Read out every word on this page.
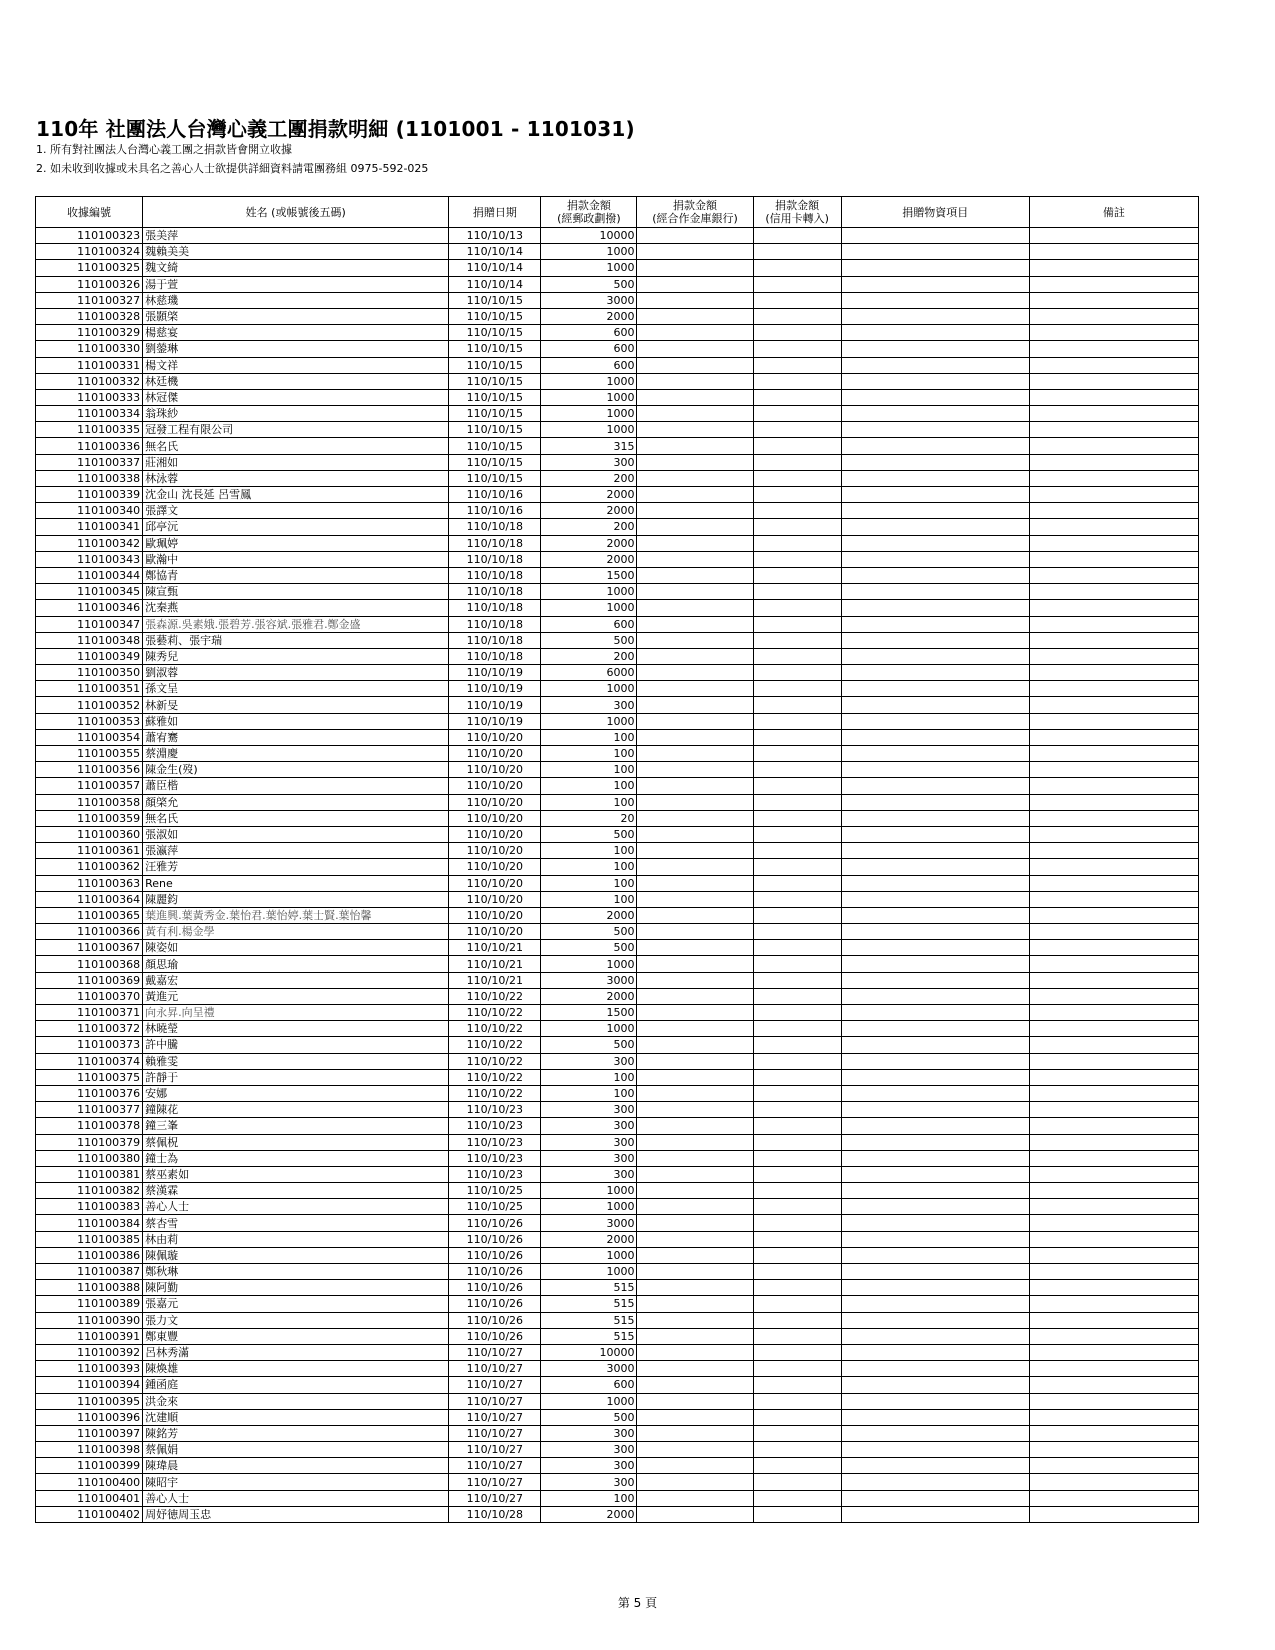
110年 社團法人台灣心義工團捐款明細 (1101001 - 1101031)
1. 所有對社團法人台灣心義工團之捐款皆會開立收據
2. 如未收到收據或未具名之善心人士欲提供詳細資料請電團務組 0975-592-025
收據編號	姓名 (或帳號後五碼)	捐贈日期	捐款金額
(經郵政劃撥)	捐款金額
(經合作金庫銀行)	捐款金額
(信用卡轉入)	捐贈物資項目	備註
110100323	張美萍	110/10/13	10000				
110100324	魏賴美美	110/10/14	1000				
110100325	魏文綺	110/10/14	1000				
110100326	湯于萱	110/10/14	500				
110100327	林慈璣	110/10/15	3000				
110100328	張顥棨	110/10/15	2000				
110100329	楊慈宴	110/10/15	600				
110100330	劉鎣琳	110/10/15	600				
110100331	楊文祥	110/10/15	600				
110100332	林廷機	110/10/15	1000				
110100333	林冠傑	110/10/15	1000				
110100334	翁珠紗	110/10/15	1000				
110100335	冠發工程有限公司	110/10/15	1000				
110100336	無名氏	110/10/15	315				
110100337	莊湘如	110/10/15	300				
110100338	林泳蓉	110/10/15	200				
110100339	沈金山 沈長延 呂雪鳳	110/10/16	2000				
110100340	張譯文	110/10/16	2000				
110100341	邱亭沅	110/10/18	200				
110100342	歐珮婷	110/10/18	2000				
110100343	歐瀚中	110/10/18	2000				
110100344	鄭協青	110/10/18	1500				
110100345	陳宣甄	110/10/18	1000				
110100346	沈秦燕	110/10/18	1000				
110100347	張森源.吳素娥.張碧芳.張容斌.張雅君.鄭金盛	110/10/18	600				
110100348	張藝莉、張宇瑞	110/10/18	500				
110100349	陳秀兒	110/10/18	200				
110100350	劉淑蓉	110/10/19	6000				
110100351	孫文呈	110/10/19	1000				
110100352	林新旻	110/10/19	300				
110100353	蘇雅如	110/10/19	1000				
110100354	蕭宥騫	110/10/20	100				
110100355	蔡淵慶	110/10/20	100				
110100356	陳金生(歿)	110/10/20	100				
110100357	蕭臣楷	110/10/20	100				
110100358	顏棨允	110/10/20	100				
110100359	無名氏	110/10/20	20				
110100360	張淑如	110/10/20	500				
110100361	張瀛萍	110/10/20	100				
110100362	汪雅芳	110/10/20	100				
110100363	Rene	110/10/20	100				
110100364	陳麗鈞	110/10/20	100				
110100365	葉進興.葉黃秀金.葉怡君.葉怡婷.葉士賢.葉怡馨	110/10/20	2000				
110100366	黃有利.楊金學	110/10/20	500				
110100367	陳姿如	110/10/21	500				
110100368	顏思瑜	110/10/21	1000				
110100369	戴嘉宏	110/10/21	3000				
110100370	黃進元	110/10/22	2000				
110100371	向永昇.向呈禮	110/10/22	1500				
110100372	林曉瑩	110/10/22	1000				
110100373	許中騰	110/10/22	500				
110100374	賴雅雯	110/10/22	300				
110100375	許靜于	110/10/22	100				
110100376	安娜	110/10/22	100				
110100377	鐘陳花	110/10/23	300				
110100378	鐘三峯	110/10/23	300				
110100379	蔡佩柷	110/10/23	300				
110100380	鐘士為	110/10/23	300				
110100381	蔡巫素如	110/10/23	300				
110100382	蔡漢霖	110/10/25	1000				
110100383	善心人士	110/10/25	1000				
110100384	蔡杏雪	110/10/26	3000				
110100385	林由莉	110/10/26	2000				
110100386	陳佩璇	110/10/26	1000				
110100387	鄭秋琳	110/10/26	1000				
110100388	陳阿勤	110/10/26	515				
110100389	張嘉元	110/10/26	515				
110100390	張力文	110/10/26	515				
110100391	鄭東豐	110/10/26	515				
110100392	呂林秀滿	110/10/27	10000				
110100393	陳煥雄	110/10/27	3000				
110100394	鍾函庭	110/10/27	600				
110100395	洪金來	110/10/27	1000				
110100396	沈建順	110/10/27	500				
110100397	陳銘芳	110/10/27	300				
110100398	蔡佩娟	110/10/27	300				
110100399	陳瑋晨	110/10/27	300				
110100400	陳昭宇	110/10/27	300				
110100401	善心人士	110/10/27	100				
110100402	周妤徳周玉忠	110/10/28	2000				
第 5 頁
